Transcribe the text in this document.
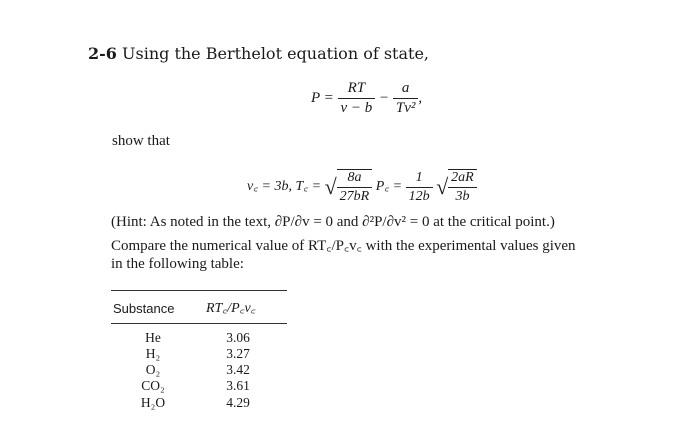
2-6 Using the Berthelot equation of state,
$P = \frac{RT}{v - b} - \frac{a}{\text{Tv²}}$ ,
show that
v꜀ = 3b, T꜀ = √ $\frac{8a}{27bR}$ P꜀ = $\frac{1}{12b}$ √ $\frac{2aR}{3b}$
(Hint: As noted in the text, ∂P/∂v = 0 and ∂²P/∂v² = 0 at the critical point.)
Compare the numerical value of RT꜀/P꜀v꜀ with the experimental values given
in the following table:
Substance RT꜀/P꜀v꜀
He	3.06
H₂	3.27
O₂	3.42
CO₂	3.61
H₂O	4.29
